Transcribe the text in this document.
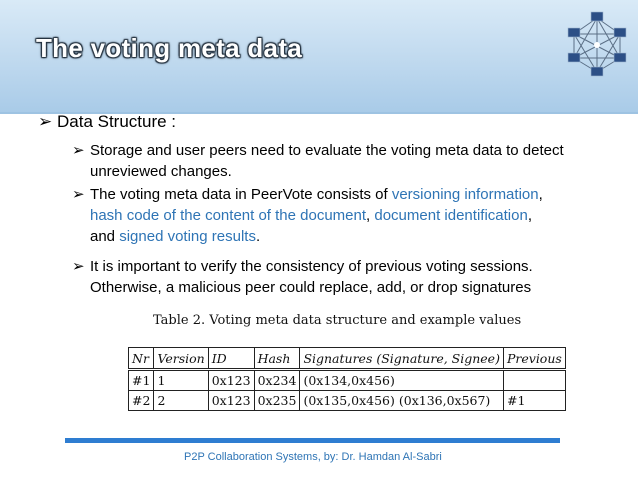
The voting meta data
➢ Data Structure :
➢ Storage and user peers need to evaluate the voting meta data to detect unreviewed changes.
➢ The voting meta data in PeerVote consists of versioning information,
hash code of the content of the document, document identification,
and signed voting results.
➢ It is important to verify the consistency of previous voting sessions. Otherwise, a malicious peer could replace, add, or drop signatures
Table 2. Voting meta data structure and example values
Nr	Version	ID	Hash	Signatures (Signature, Signee)	Previous
#1	1	0x123	0x234	(0x134,0x456)	
#2	2	0x123	0x235	(0x135,0x456) (0x136,0x567)	#1
P2P Collaboration Systems, by: Dr. Hamdan Al-Sabri
